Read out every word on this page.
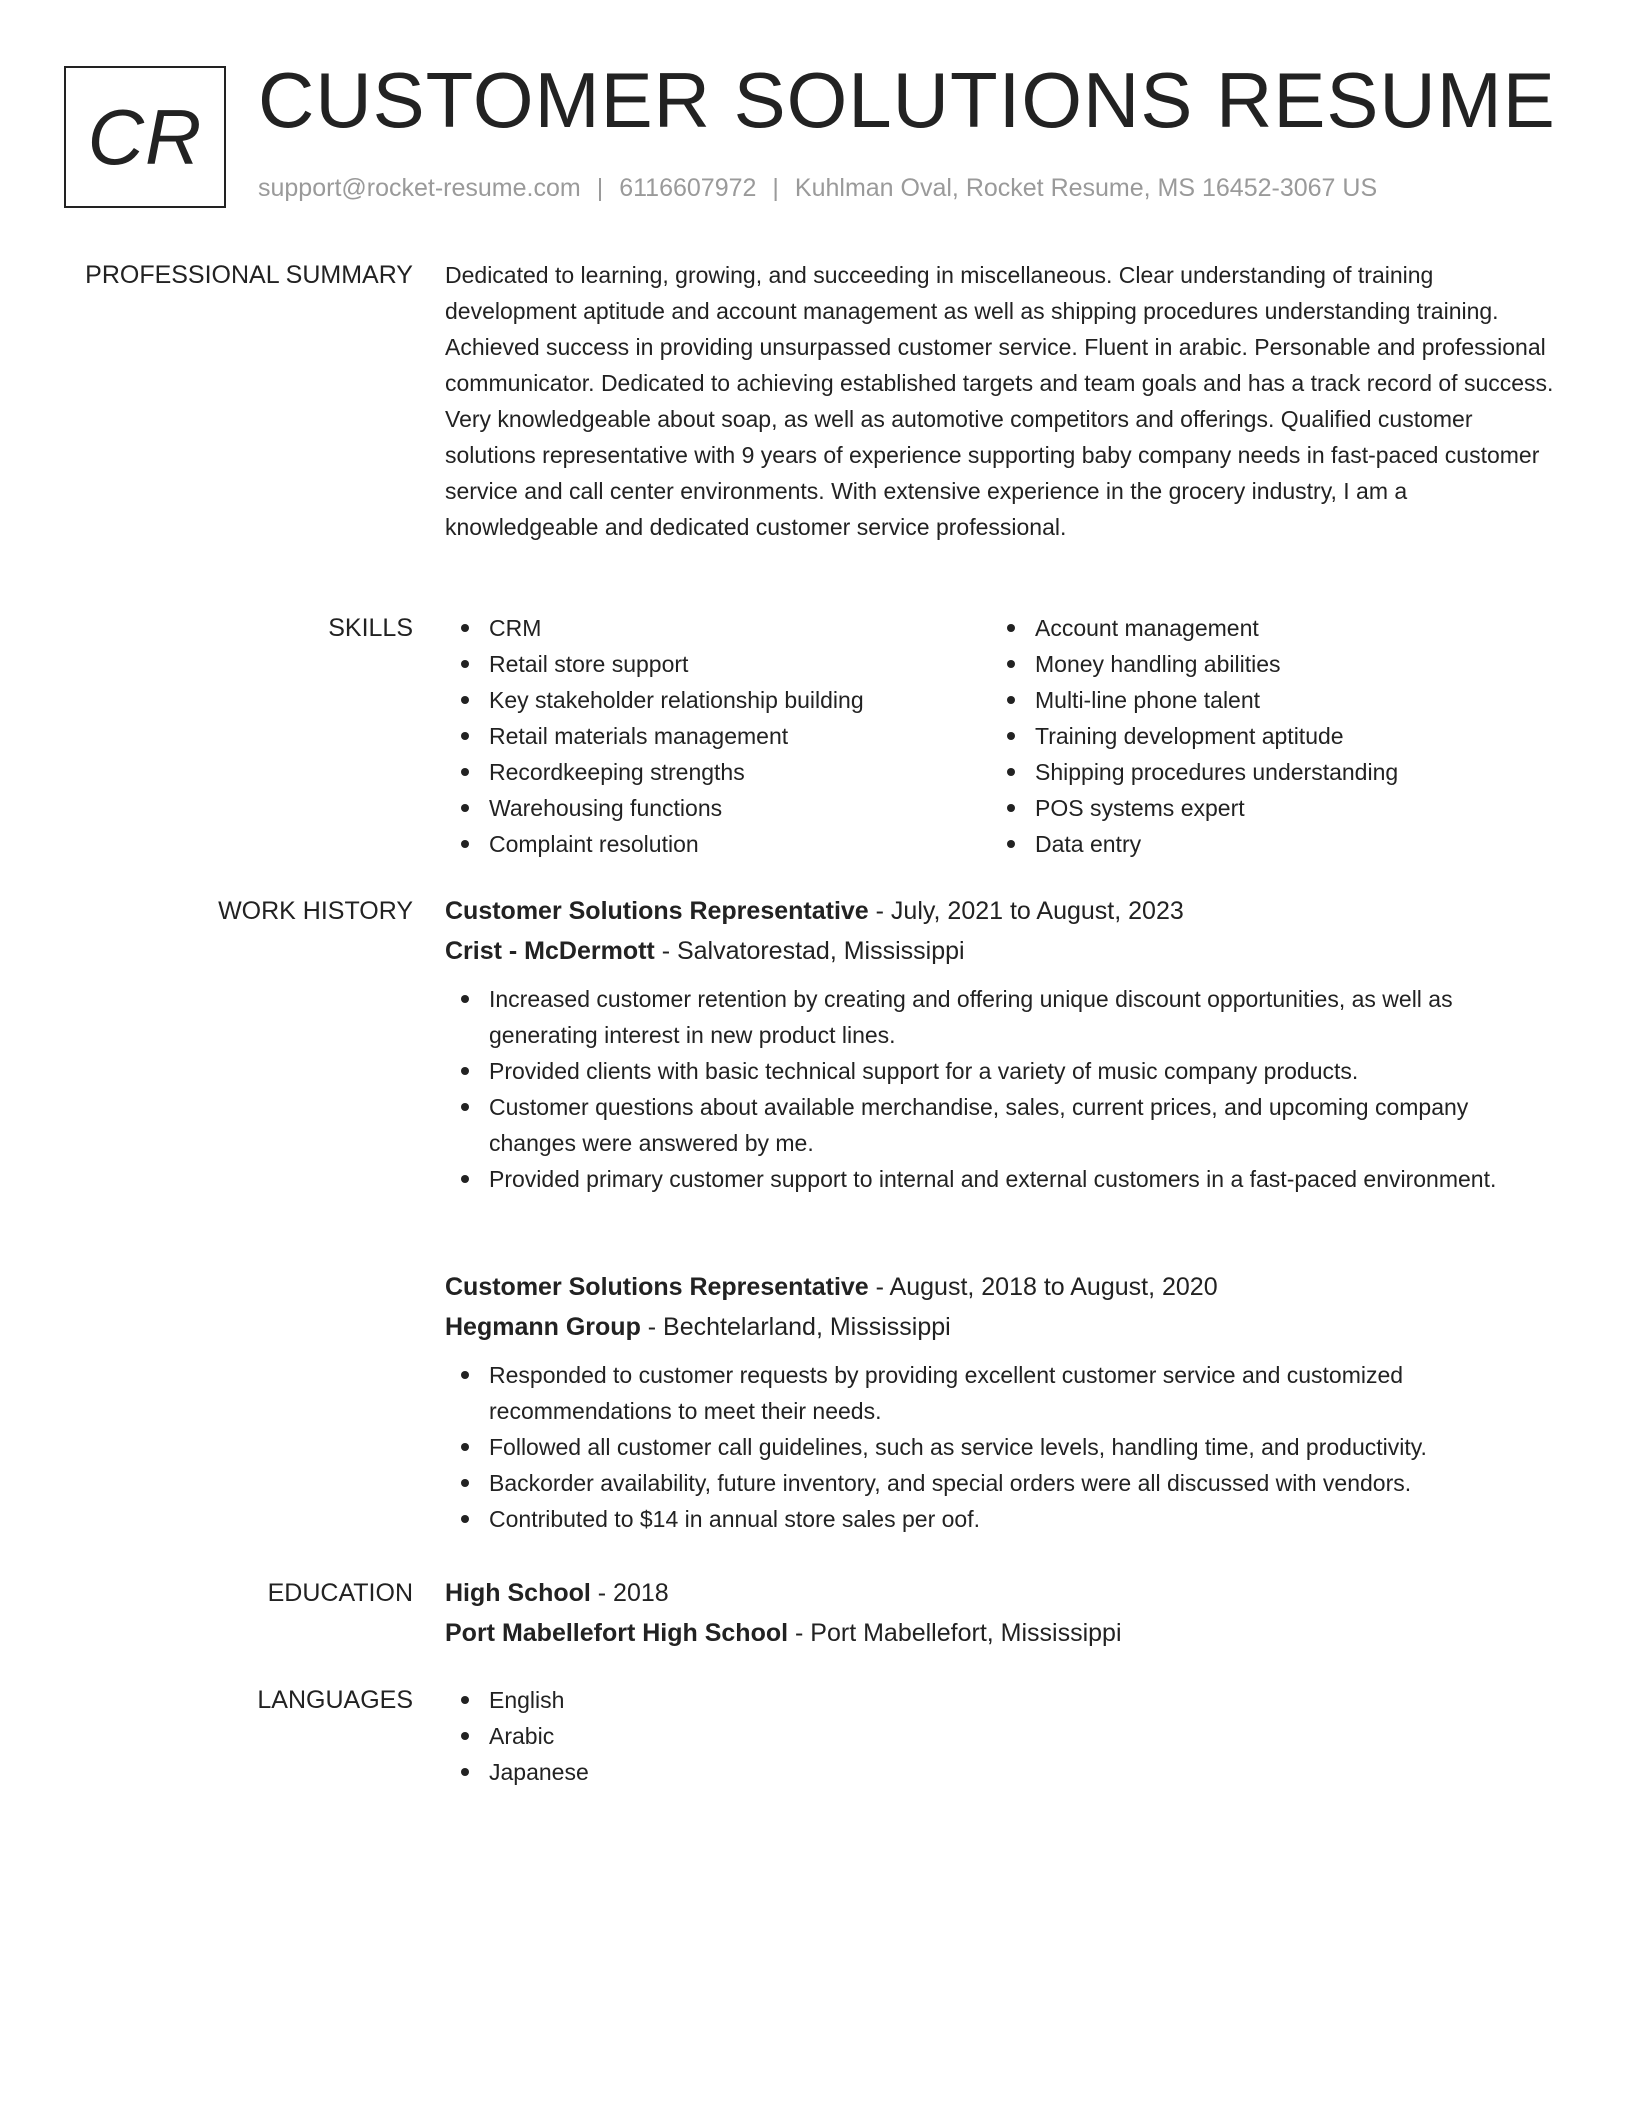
CR CUSTOMER SOLUTIONS RESUME
support@rocket-resume.com | 6116607972 | Kuhlman Oval, Rocket Resume, MS 16452-3067 US
PROFESSIONAL SUMMARY Dedicated to learning, growing, and succeeding in miscellaneous. Clear understanding of training development aptitude and account management as well as shipping procedures understanding training. Achieved success in providing unsurpassed customer service. Fluent in arabic. Personable and professional communicator. Dedicated to achieving established targets and team goals and has a track record of success. Very knowledgeable about soap, as well as automotive competitors and offerings. Qualified customer solutions representative with 9 years of experience supporting baby company needs in fast-paced customer service and call center environments. With extensive experience in the grocery industry, I am a knowledgeable and dedicated customer service professional.

SKILLS	CRM
Retail store support
Key stakeholder relationship building
Retail materials management
Recordkeeping strengths
Warehousing functions
Complaint resolution
Account management
Money handling abilities
Multi-line phone talent
Training development aptitude
Shipping procedures understanding
POS systems expert
Data entry
WORK HISTORY Customer Solutions Representative - July, 2021 to August, 2023
Crist - McDermott - Salvatorestad, Mississippi
Increased customer retention by creating and offering unique discount opportunities, as well as generating interest in new product lines.
Provided clients with basic technical support for a variety of music company products.
Customer questions about available merchandise, sales, current prices, and upcoming company changes were answered by me.
Provided primary customer support to internal and external customers in a fast-paced environment.
Customer Solutions Representative - August, 2018 to August, 2020
Hegmann Group - Bechtelarland, Mississippi
Responded to customer requests by providing excellent customer service and customized recommendations to meet their needs.
Followed all customer call guidelines, such as service levels, handling time, and productivity.
Backorder availability, future inventory, and special orders were all discussed with vendors.
Contributed to $14 in annual store sales per oof.
EDUCATION High School - 2018
Port Mabellefort High School - Port Mabellefort, Mississippi
LANGUAGES	English
Arabic
Japanese
